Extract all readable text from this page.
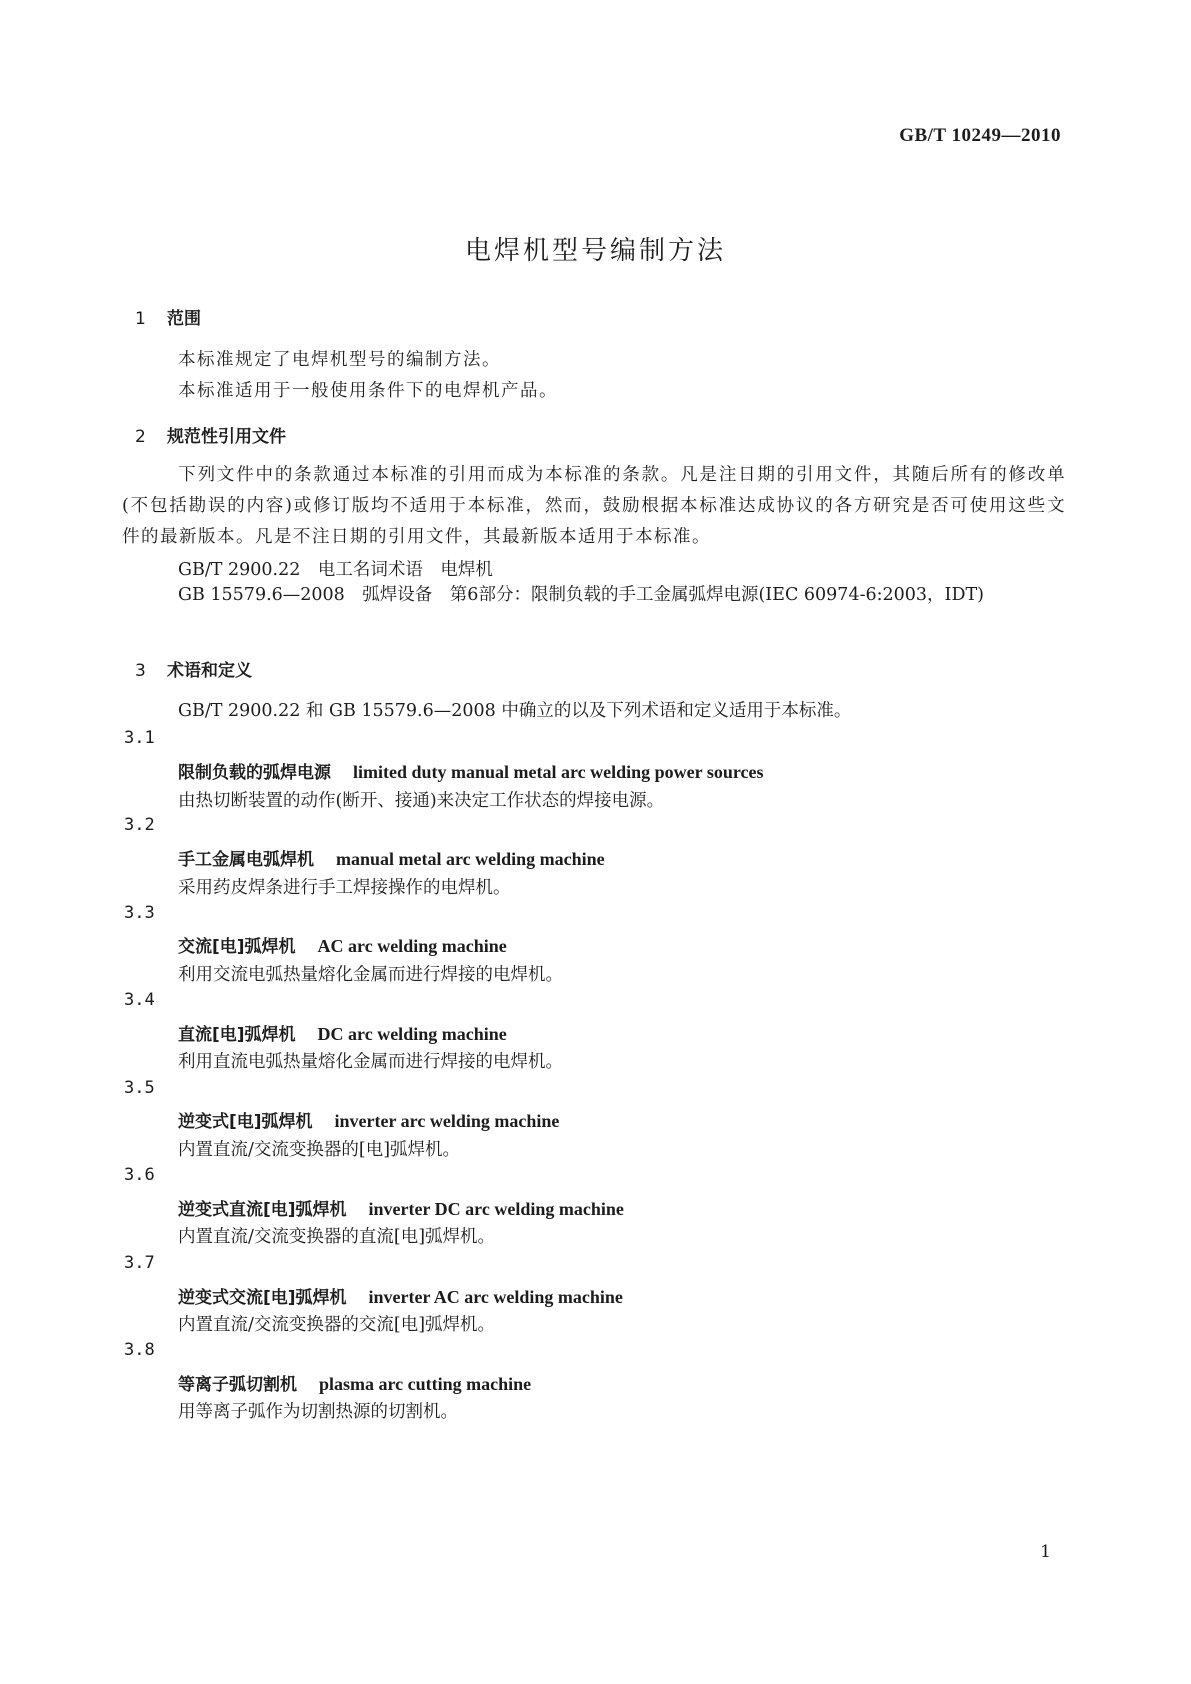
GB/T 10249—2010
电焊机型号编制方法
1 范围
本标准规定了电焊机型号的编制方法。
本标准适用于一般使用条件下的电焊机产品。
2 规范性引用文件
下列文件中的条款通过本标准的引用而成为本标准的条款。凡是注日期的引用文件，其随后所有的修改单(不包括勘误的内容)或修订版均不适用于本标准，然而，鼓励根据本标准达成协议的各方研究是否可使用这些文件的最新版本。凡是不注日期的引用文件，其最新版本适用于本标准。
GB/T 2900.22　电工名词术语　电焊机
GB 15579.6—2008　弧焊设备　第6部分：限制负载的手工金属弧焊电源(IEC 60974-6:2003，IDT)
3 术语和定义
GB/T 2900.22 和 GB 15579.6—2008 中确立的以及下列术语和定义适用于本标准。
3.1
限制负载的弧焊电源 limited duty manual metal arc welding power sources
由热切断装置的动作(断开、接通)来决定工作状态的焊接电源。
3.2
手工金属电弧焊机 manual metal arc welding machine
采用药皮焊条进行手工焊接操作的电焊机。
3.3
交流[电]弧焊机 AC arc welding machine
利用交流电弧热量熔化金属而进行焊接的电焊机。
3.4
直流[电]弧焊机 DC arc welding machine
利用直流电弧热量熔化金属而进行焊接的电焊机。
3.5
逆变式[电]弧焊机 inverter arc welding machine
内置直流/交流变换器的[电]弧焊机。
3.6
逆变式直流[电]弧焊机 inverter DC arc welding machine
内置直流/交流变换器的直流[电]弧焊机。
3.7
逆变式交流[电]弧焊机 inverter AC arc welding machine
内置直流/交流变换器的交流[电]弧焊机。
3.8
等离子弧切割机 plasma arc cutting machine
用等离子弧作为切割热源的切割机。
1
